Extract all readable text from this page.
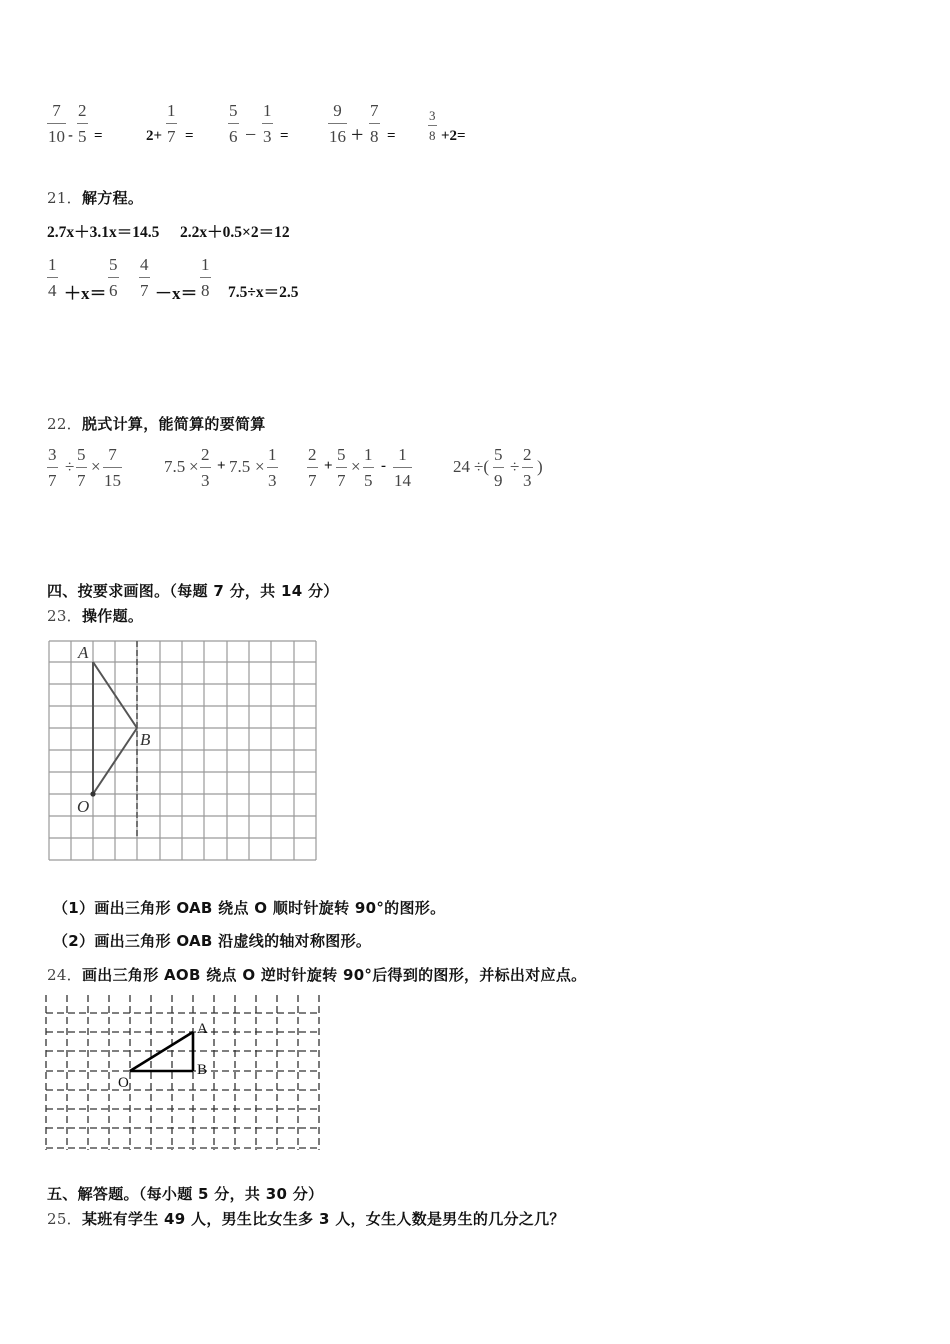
7
10 -
2
5 =	2+
1
7 =
5
6 −
1
3 =
9
16 +
7
8 =
3
8 +2=
21．解方程。
2.7x＋3.1x＝14.5 2.2x＋0.5×2＝12
1
4 ＋x＝
5
6
4
7 －x＝
1
8 7.5÷x＝2.5
22．脱式计算，能简算的要简算
3
7
÷
5
7
×
7
15
7.5 ×
2
3
+ 7.5 ×
1
3
2
7
+
5
7
×
1
5
-
1
14
24 ÷(
5
9
÷
2
3
)
四、按要求画图。（每题 7 分，共 14 分）
23．操作题。
A
B
O
（1）画出三角形 OAB 绕点 O 顺时针旋转 90°的图形。
（2）画出三角形 OAB 沿虚线的轴对称图形。
24．画出三角形 AOB 绕点 O 逆时针旋转 90°后得到的图形，并标出对应点。
A
B
O
五、解答题。（每小题 5 分，共 30 分）
25．某班有学生 49 人，男生比女生多 3 人，女生人数是男生的几分之几？
